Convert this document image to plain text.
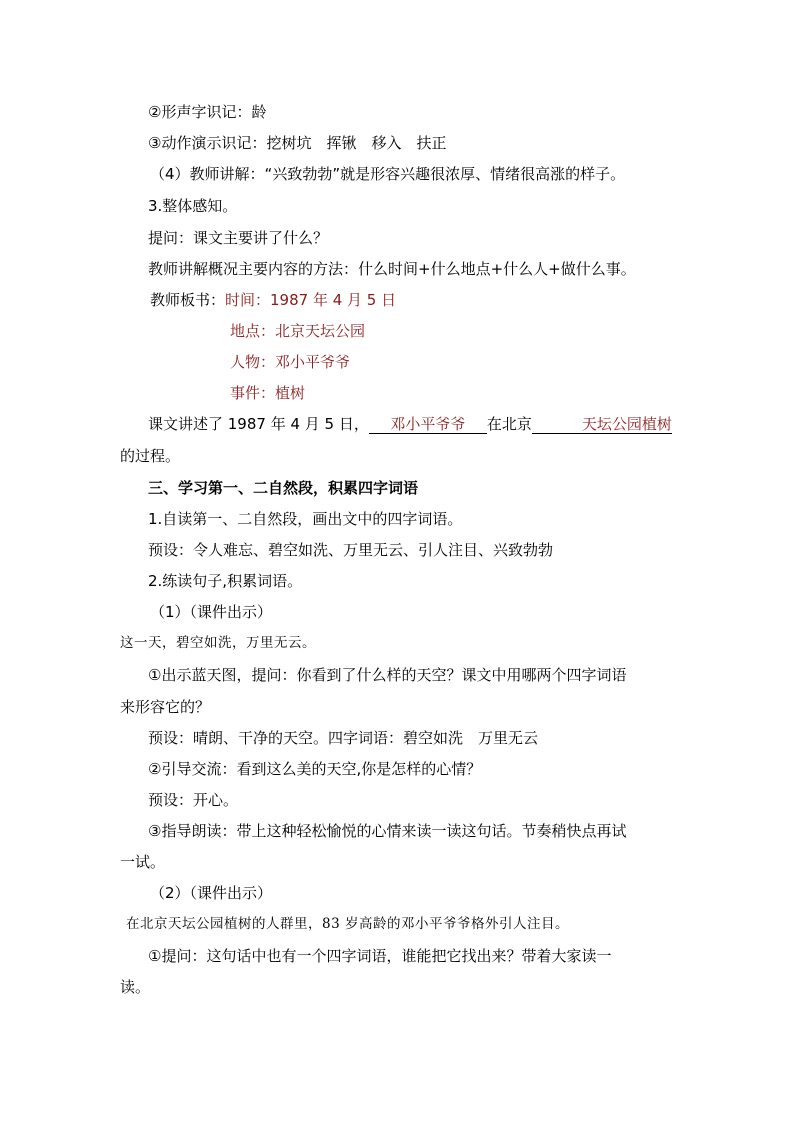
②形声字识记：龄
③动作演示识记：挖树坑　挥锹　移入　扶正
（4）教师讲解：“兴致勃勃”就是形容兴趣很浓厚、情绪很高涨的样子。
3.整体感知。
提问：课文主要讲了什么？
教师讲解概况主要内容的方法：什么时间+什么地点+什么人+做什么事。
教师板书：时间：1987 年 4 月 5 日
地点：北京天坛公园
人物：邓小平爷爷
事件：植树
课文讲述了 1987 年 4 月 5 日， 邓小平爷爷 在北京	天坛公园植树
的过程。
三、学习第一、二自然段，积累四字词语
1.自读第一、二自然段，画出文中的四字词语。
预设：令人难忘、碧空如洗、万里无云、引人注目、兴致勃勃
2.练读句子,积累词语。
（1）（课件出示）
这一天，碧空如洗，万里无云。
①出示蓝天图，提问：你看到了什么样的天空？课文中用哪两个四字词语
来形容它的？
预设：晴朗、干净的天空。四字词语：碧空如洗　万里无云
②引导交流：看到这么美的天空,你是怎样的心情？
预设：开心。
③指导朗读：带上这种轻松愉悦的心情来读一读这句话。节奏稍快点再试
一试。
（2）（课件出示）
在北京天坛公园植树的人群里，83 岁高龄的邓小平爷爷格外引人注目。
①提问：这句话中也有一个四字词语，谁能把它找出来？带着大家读一
读。
